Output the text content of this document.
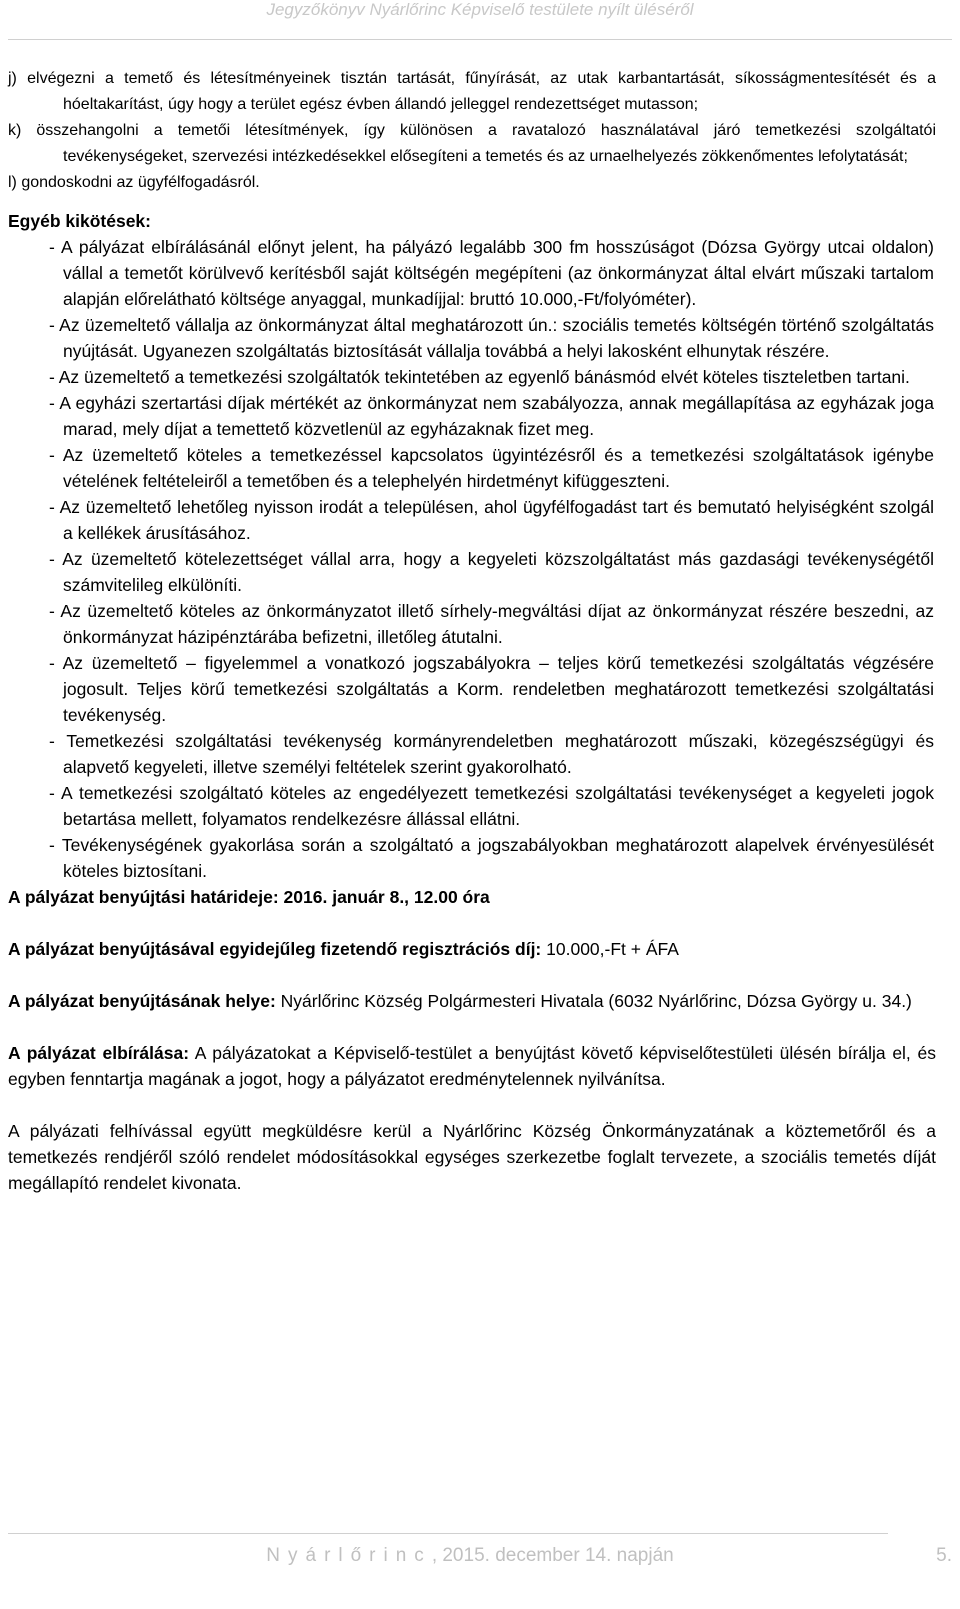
Jegyzőkönyv Nyárlőrinc Képviselő testülete nyílt üléséről
j) elvégezni a temető és létesítményeinek tisztán tartását, fűnyírását, az utak karbantartását, síkosságmentesítését és a hóeltakarítást, úgy hogy a terület egész évben állandó jelleggel rendezettséget mutasson;
k) összehangolni a temetői létesítmények, így különösen a ravatalozó használatával járó temetkezési szolgáltatói tevékenységeket, szervezési intézkedésekkel elősegíteni a temetés és az urnaelhelyezés zökkenőmentes lefolytatását;
l) gondoskodni az ügyfélfogadásról.
Egyéb kikötések:
- A pályázat elbírálásánál előnyt jelent, ha pályázó legalább 300 fm hosszúságot (Dózsa György utcai oldalon) vállal a temetőt körülvevő kerítésből saját költségén megépíteni (az önkormányzat által elvárt műszaki tartalom alapján előrelátható költsége anyaggal, munkadíjjal: bruttó 10.000,-Ft/folyóméter).
- Az üzemeltető vállalja az önkormányzat által meghatározott ún.: szociális temetés költségén történő szolgáltatás nyújtását. Ugyanezen szolgáltatás biztosítását vállalja továbbá a helyi lakosként elhunytak részére.
- Az üzemeltető a temetkezési szolgáltatók tekintetében az egyenlő bánásmód elvét köteles tiszteletben tartani.
- A egyházi szertartási díjak mértékét az önkormányzat nem szabályozza, annak megállapítása az egyházak joga marad, mely díjat a temettető közvetlenül az egyházaknak fizet meg.
- Az üzemeltető köteles a temetkezéssel kapcsolatos ügyintézésről és a temetkezési szolgáltatások igénybe vételének feltételeiről a temetőben és a telephelyén hirdetményt kifüggeszteni.
- Az üzemeltető lehetőleg nyisson irodát a településen, ahol ügyfélfogadást tart és bemutató helyiségként szolgál a kellékek árusításához.
- Az üzemeltető kötelezettséget vállal arra, hogy a kegyeleti közszolgáltatást más gazdasági tevékenységétől számvitelileg elkülöníti.
- Az üzemeltető köteles az önkormányzatot illető sírhely-megváltási díjat az önkormányzat részére beszedni, az önkormányzat házipénztárába befizetni, illetőleg átutalni.
- Az üzemeltető – figyelemmel a vonatkozó jogszabályokra – teljes körű temetkezési szolgáltatás végzésére jogosult. Teljes körű temetkezési szolgáltatás a Korm. rendeletben meghatározott temetkezési szolgáltatási tevékenység.
- Temetkezési szolgáltatási tevékenység kormányrendeletben meghatározott műszaki, közegészségügyi és alapvető kegyeleti, illetve személyi feltételek szerint gyakorolható.
- A temetkezési szolgáltató köteles az engedélyezett temetkezési szolgáltatási tevékenységet a kegyeleti jogok betartása mellett, folyamatos rendelkezésre állással ellátni.
- Tevékenységének gyakorlása során a szolgáltató a jogszabályokban meghatározott alapelvek érvényesülését köteles biztosítani.
A pályázat benyújtási határideje: 2016. január 8., 12.00 óra
A pályázat benyújtásával egyidejűleg fizetendő regisztrációs díj: 10.000,-Ft + ÁFA
A pályázat benyújtásának helye: Nyárlőrinc Község Polgármesteri Hivatala (6032 Nyárlőrinc, Dózsa György u. 34.)
A pályázat elbírálása: A pályázatokat a Képviselő-testület a benyújtást követő képviselőtestületi ülésén bírálja el, és egyben fenntartja magának a jogot, hogy a pályázatot eredménytelennek nyilvánítsa.
A pályázati felhívással együtt megküldésre kerül a Nyárlőrinc Község Önkormányzatának a köztemetőről és a temetkezés rendjéről szóló rendelet módosításokkal egységes szerkezetbe foglalt tervezete, a szociális temetés díját megállapító rendelet kivonata.
Nyárlőrinc, 2015. december 14. napján	5.
